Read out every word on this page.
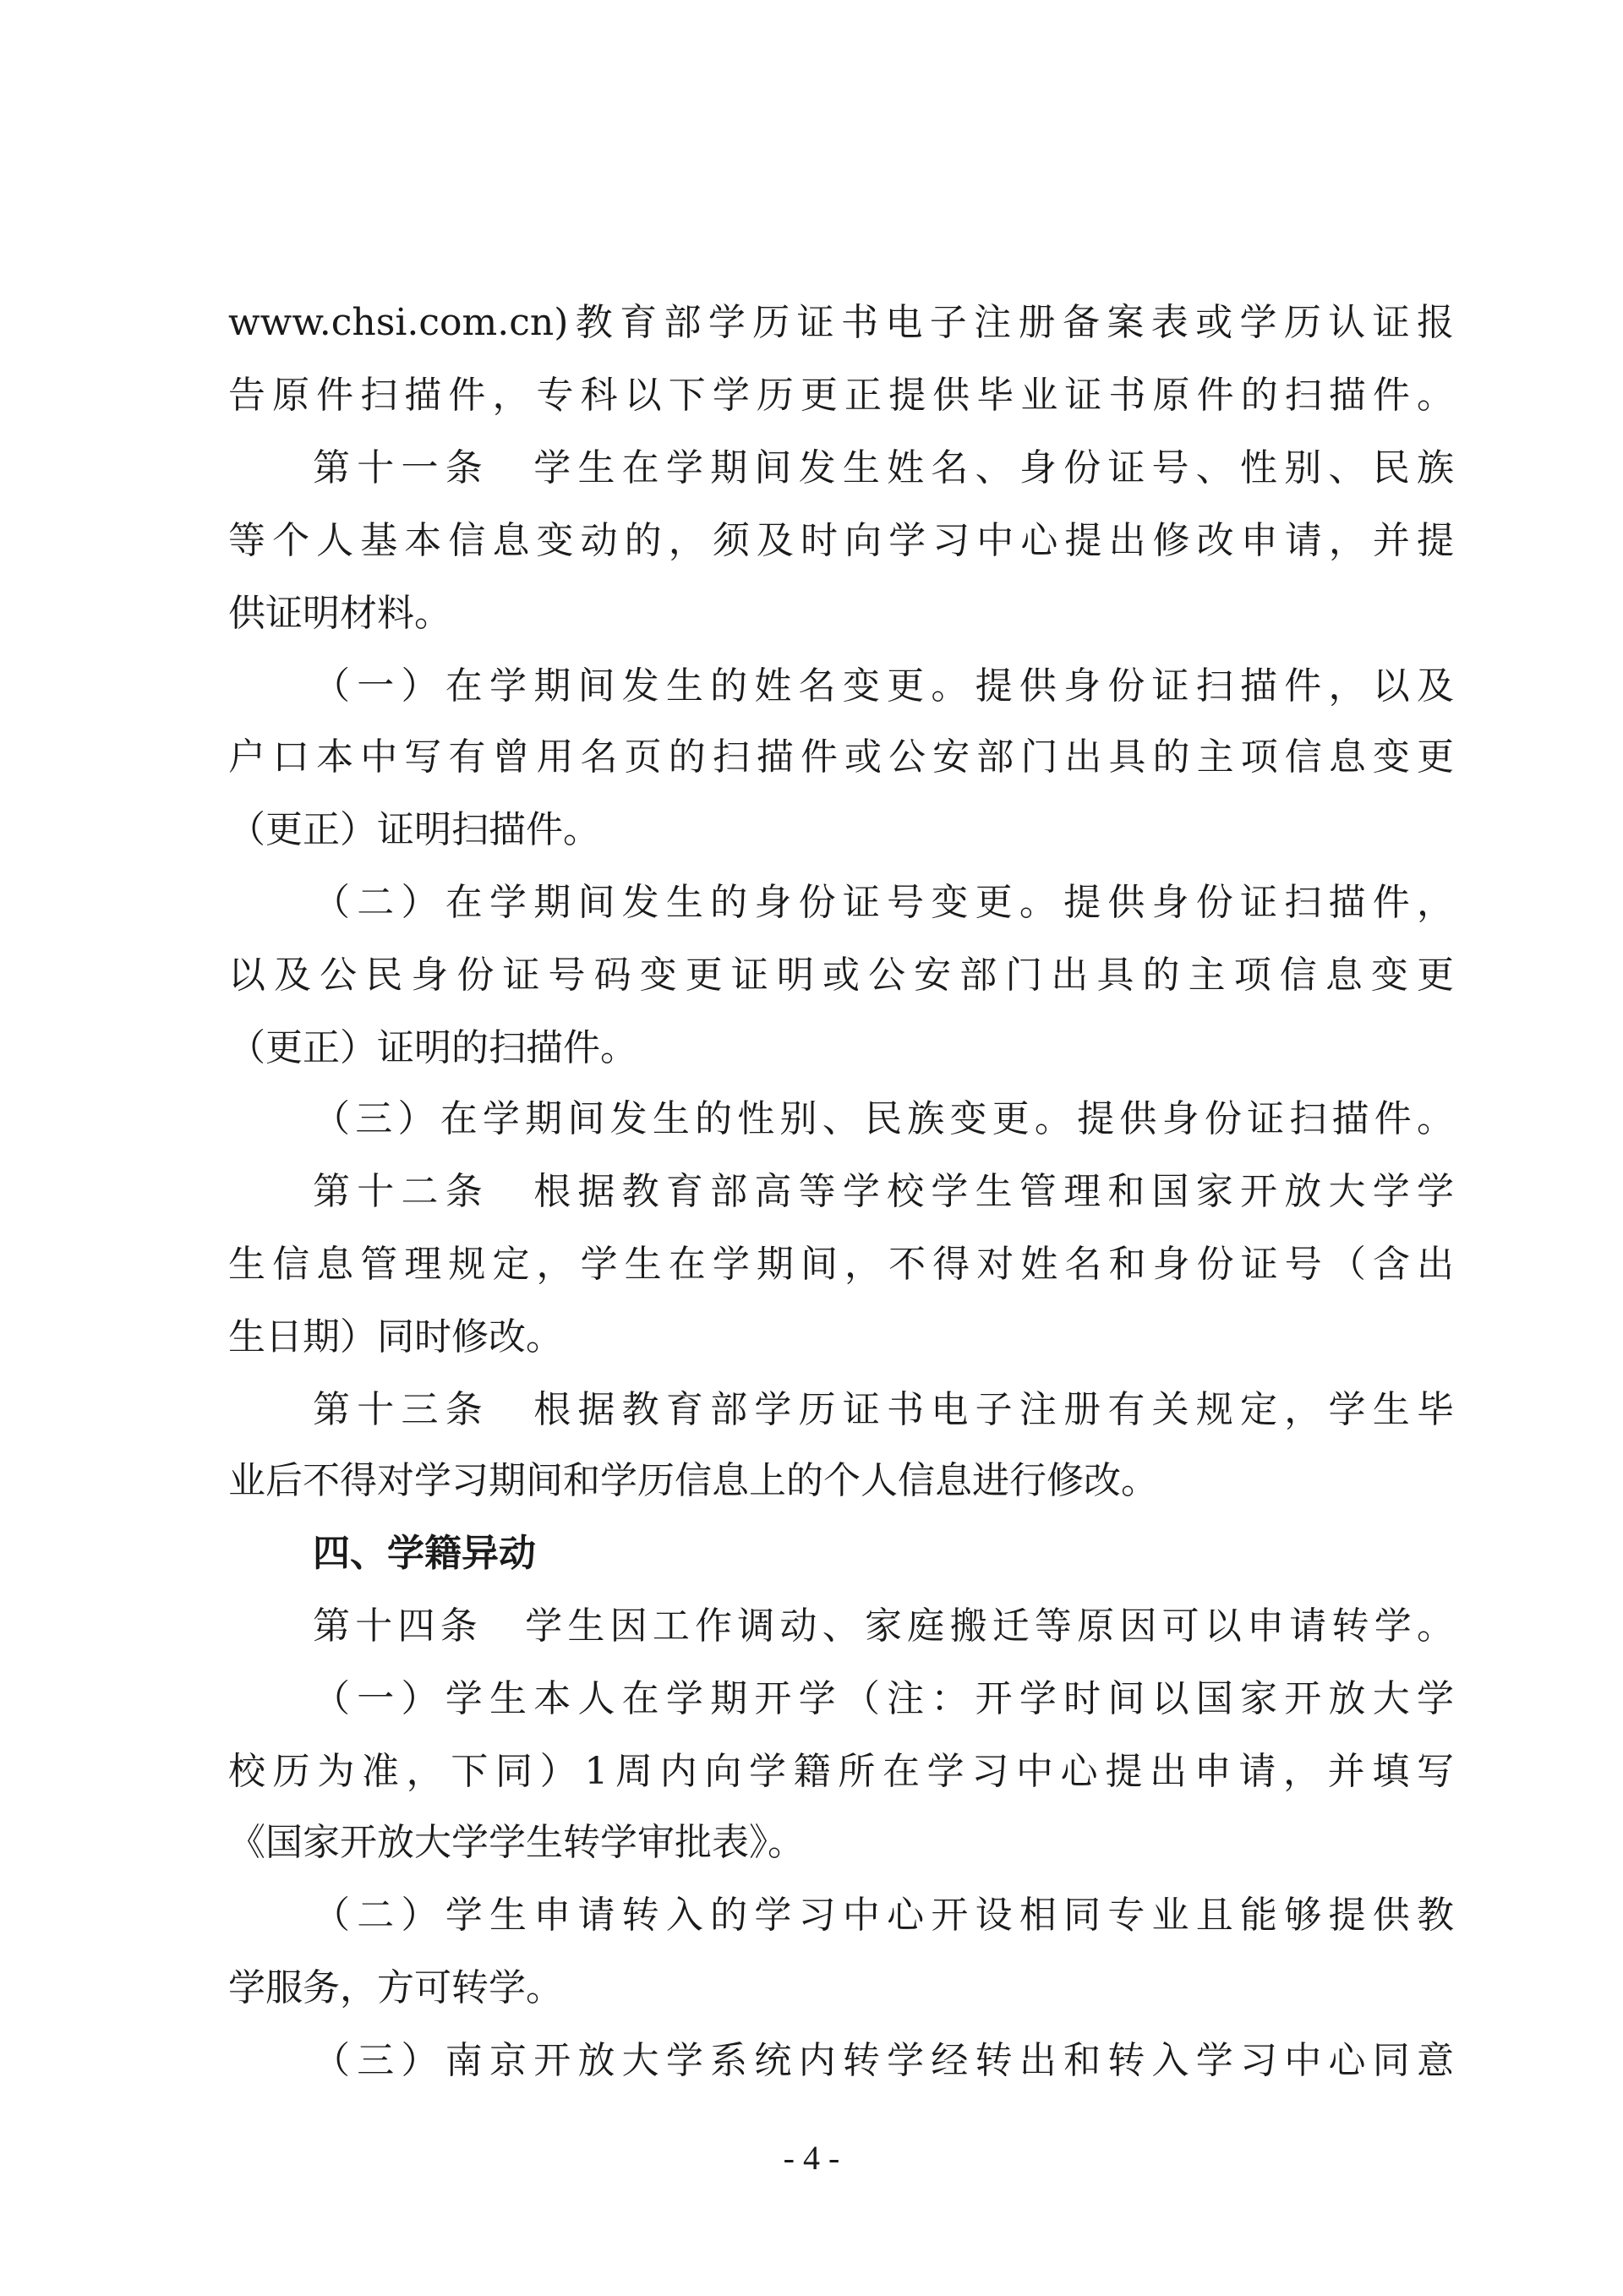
www.chsi.com.cn)教育部学历证书电子注册备案表或学历认证报
告原件扫描件，专科以下学历更正提供毕业证书原件的扫描件。
第十一条　学生在学期间发生姓名、身份证号、性别、民族
等个人基本信息变动的，须及时向学习中心提出修改申请，并提
供证明材料。
（一）在学期间发生的姓名变更。提供身份证扫描件，以及
户口本中写有曾用名页的扫描件或公安部门出具的主项信息变更
（更正）证明扫描件。
（二）在学期间发生的身份证号变更。提供身份证扫描件，
以及公民身份证号码变更证明或公安部门出具的主项信息变更
（更正）证明的扫描件。
（三）在学期间发生的性别、民族变更。提供身份证扫描件。
第十二条　根据教育部高等学校学生管理和国家开放大学学
生信息管理规定，学生在学期间，不得对姓名和身份证号（含出
生日期）同时修改。
第十三条　根据教育部学历证书电子注册有关规定，学生毕
业后不得对学习期间和学历信息上的个人信息进行修改。
四、学籍异动
第十四条　学生因工作调动、家庭搬迁等原因可以申请转学。
（一）学生本人在学期开学（注：开学时间以国家开放大学
校历为准，下同）1周内向学籍所在学习中心提出申请，并填写
《国家开放大学学生转学审批表》。
（二）学生申请转入的学习中心开设相同专业且能够提供教
学服务，方可转学。
（三）南京开放大学系统内转学经转出和转入学习中心同意
- 4 -
